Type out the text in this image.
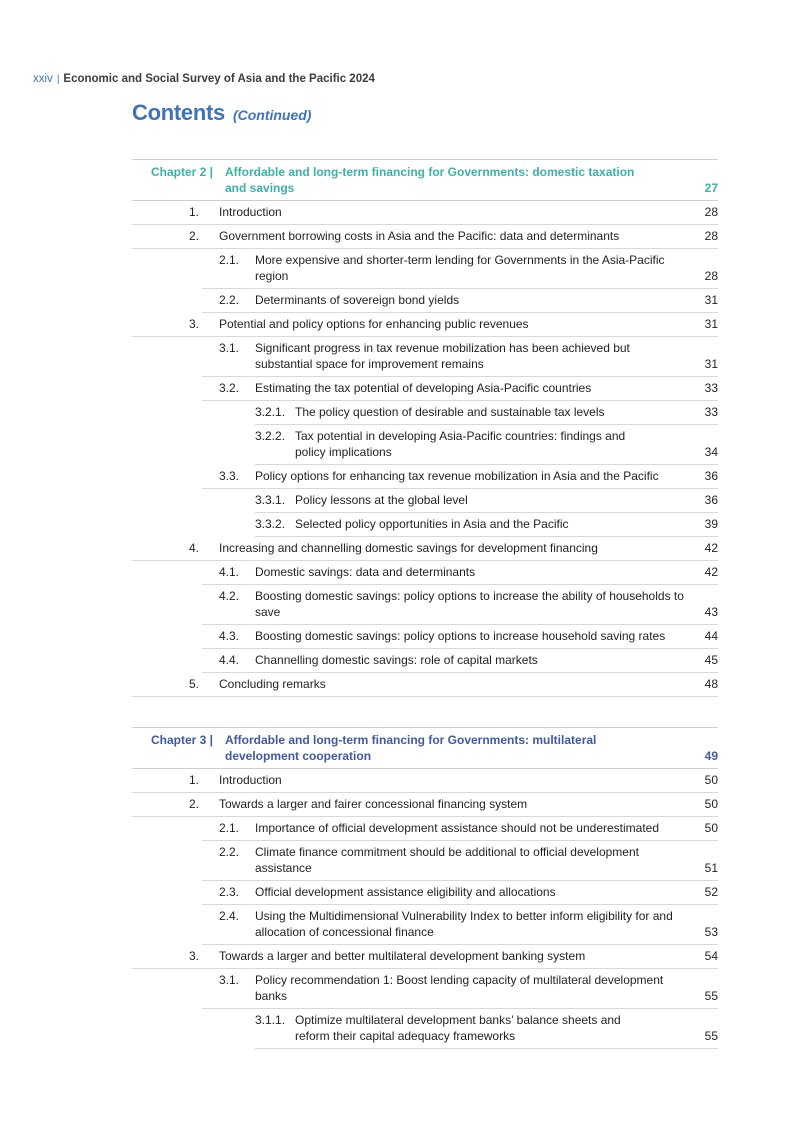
xxiv | Economic and Social Survey of Asia and the Pacific 2024
Contents (Continued)
Chapter 2 | Affordable and long-term financing for Governments: domestic taxation and savings	27
1. Introduction	28
2. Government borrowing costs in Asia and the Pacific: data and determinants	28
2.1. More expensive and shorter-term lending for Governments in the Asia-Pacific region	28
2.2. Determinants of sovereign bond yields	31
3. Potential and policy options for enhancing public revenues	31
3.1. Significant progress in tax revenue mobilization has been achieved but substantial space for improvement remains	31
3.2. Estimating the tax potential of developing Asia-Pacific countries	33
3.2.1. The policy question of desirable and sustainable tax levels	33
3.2.2. Tax potential in developing Asia-Pacific countries: findings and policy implications	34
3.3. Policy options for enhancing tax revenue mobilization in Asia and the Pacific	36
3.3.1. Policy lessons at the global level	36
3.3.2. Selected policy opportunities in Asia and the Pacific	39
4. Increasing and channelling domestic savings for development financing	42
4.1. Domestic savings: data and determinants	42
4.2. Boosting domestic savings: policy options to increase the ability of households to save	43
4.3. Boosting domestic savings: policy options to increase household saving rates	44
4.4. Channelling domestic savings: role of capital markets	45
5. Concluding remarks	48
Chapter 3 | Affordable and long-term financing for Governments: multilateral development cooperation	49
1. Introduction	50
2. Towards a larger and fairer concessional financing system	50
2.1. Importance of official development assistance should not be underestimated	50
2.2. Climate finance commitment should be additional to official development assistance	51
2.3. Official development assistance eligibility and allocations	52
2.4. Using the Multidimensional Vulnerability Index to better inform eligibility for and allocation of concessional finance	53
3. Towards a larger and better multilateral development banking system	54
3.1. Policy recommendation 1: Boost lending capacity of multilateral development banks	55
3.1.1. Optimize multilateral development banks’ balance sheets and reform their capital adequacy frameworks	55
